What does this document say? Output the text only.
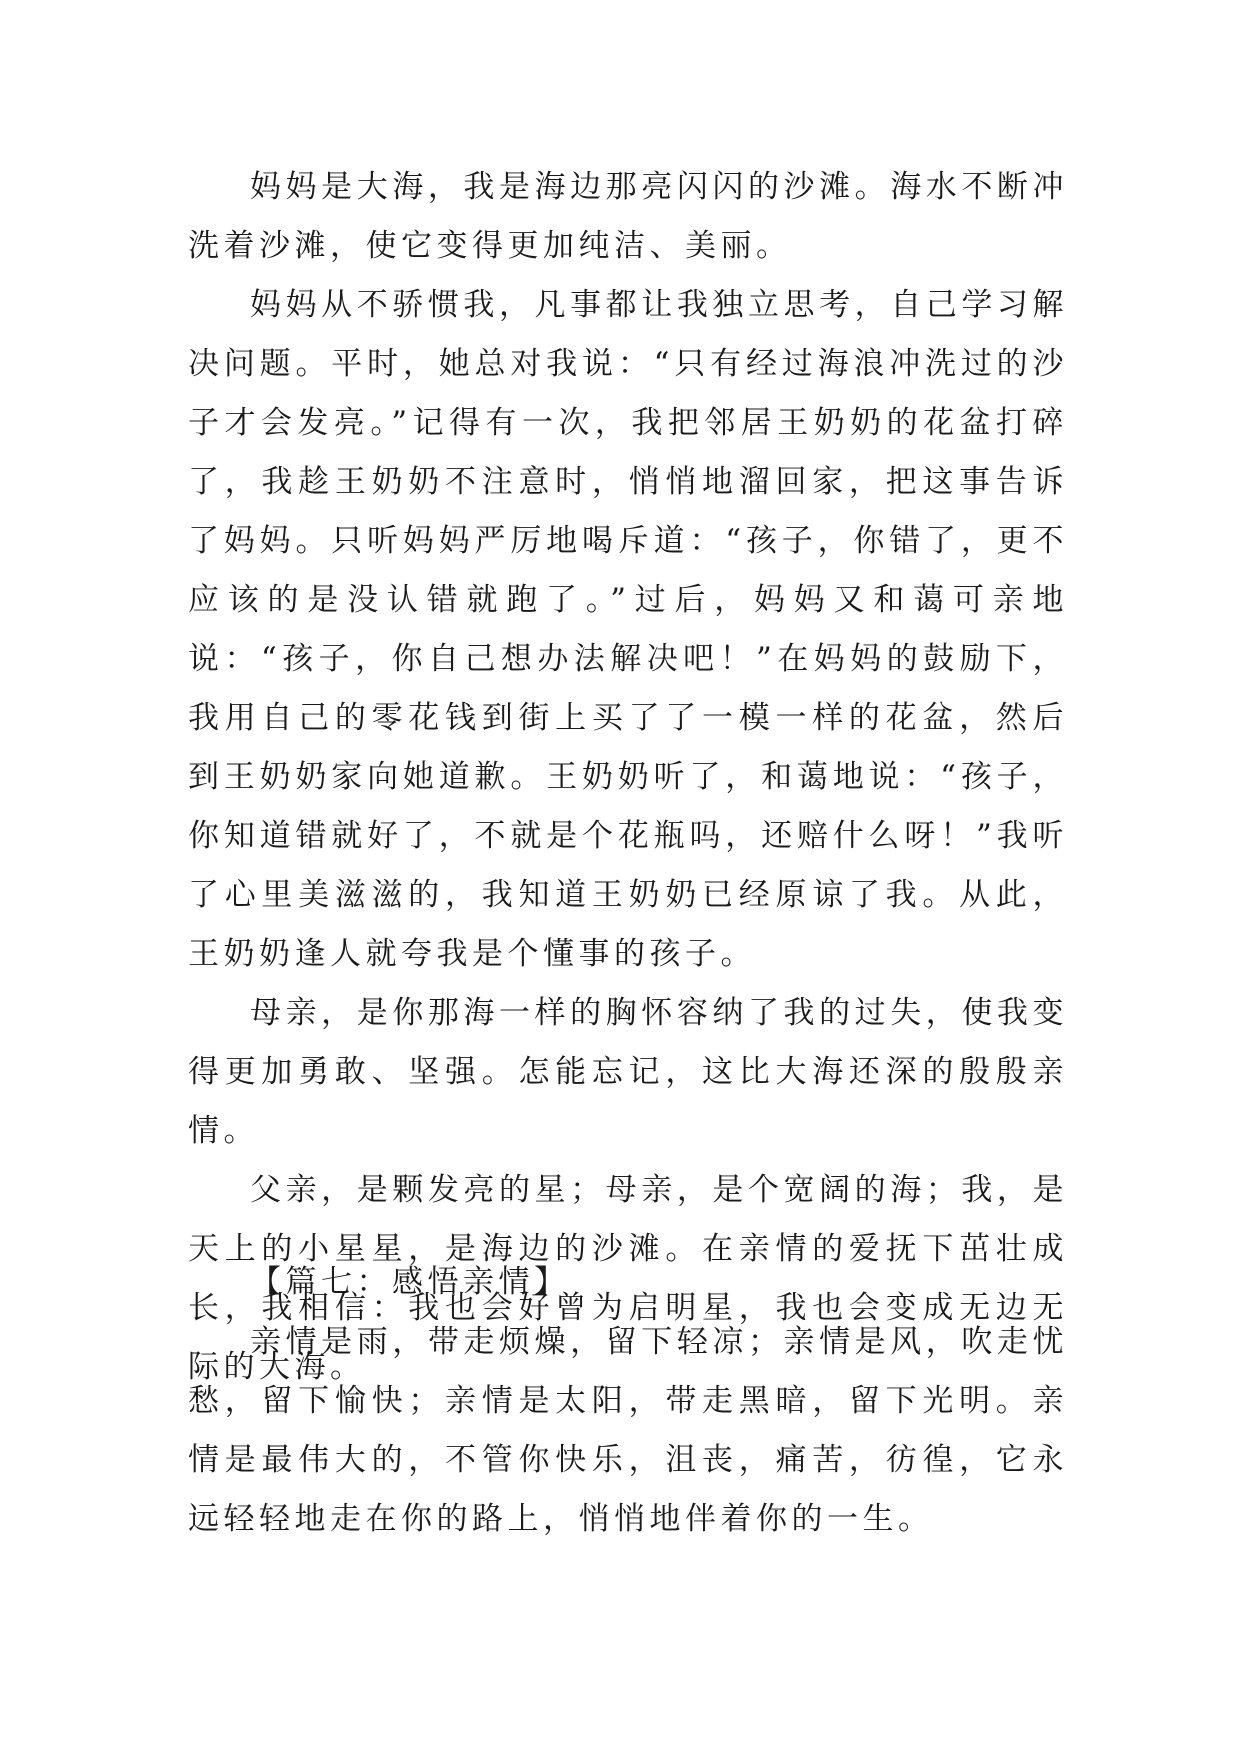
妈妈是大海，我是海边那亮闪闪的沙滩。海水不断冲洗着沙滩，使它变得更加纯洁、美丽。

妈妈从不骄惯我，凡事都让我独立思考，自己学习解决问题。平时，她总对我说：“只有经过海浪冲洗过的沙子才会发亮。”记得有一次，我把邻居王奶奶的花盆打碎了，我趁王奶奶不注意时，悄悄地溜回家，把这事告诉了妈妈。只听妈妈严厉地喝斥道：“孩子，你错了，更不应该的是没认错就跑了。”过后，妈妈又和蔼可亲地说：“孩子，你自己想办法解决吧！”在妈妈的鼓励下，我用自己的零花钱到街上买了了一模一样的花盆，然后到王奶奶家向她道歉。王奶奶听了，和蔼地说：“孩子，你知道错就好了，不就是个花瓶吗，还赔什么呀！”我听了心里美滋滋的，我知道王奶奶已经原谅了我。从此，王奶奶逢人就夸我是个懂事的孩子。

母亲，是你那海一样的胸怀容纳了我的过失，使我变得更加勇敢、坚强。怎能忘记，这比大海还深的殷殷亲情。

父亲，是颗发亮的星；母亲，是个宽阔的海；我，是天上的小星星，是海边的沙滩。在亲情的爱抚下茁壮成长，我相信：我也会好曾为启明星，我也会变成无边无际的大海。

【篇七：感悟亲情】

亲情是雨，带走烦燥，留下轻凉；亲情是风，吹走忧愁，留下愉快；亲情是太阳，带走黑暗，留下光明。亲情是最伟大的，不管你快乐，沮丧，痛苦，彷徨，它永远轻轻地走在你的路上，悄悄地伴着你的一生。
